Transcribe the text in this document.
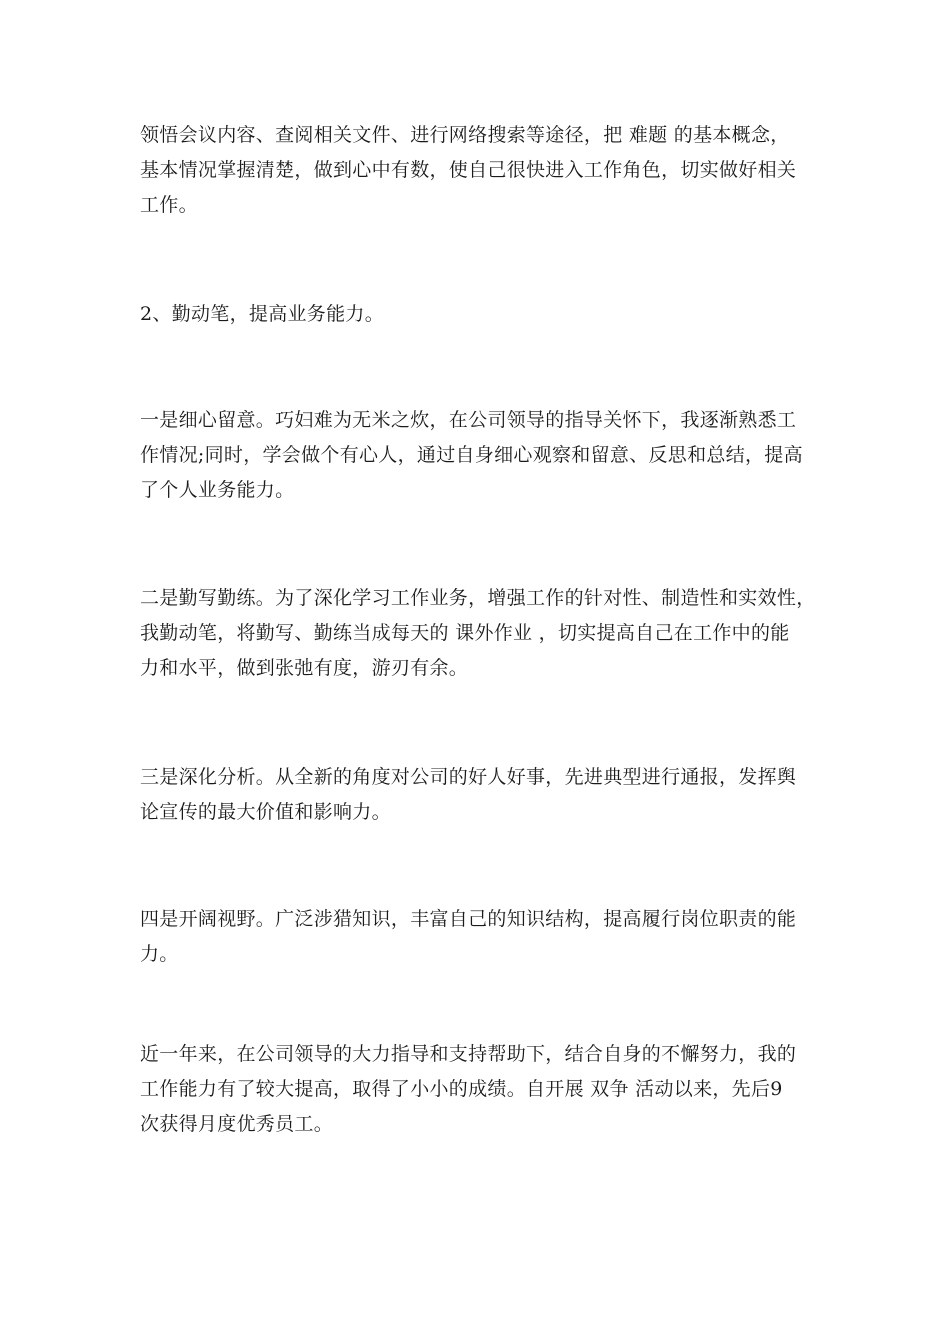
领悟会议内容、查阅相关文件、进行网络搜索等途径，把 难题 的基本概念，
基本情况掌握清楚，做到心中有数，使自己很快进入工作角色，切实做好相关
工作。

2、勤动笔，提高业务能力。

一是细心留意。巧妇难为无米之炊，在公司领导的指导关怀下，我逐渐熟悉工
作情况;同时，学会做个有心人，通过自身细心观察和留意、反思和总结，提高
了个人业务能力。

二是勤写勤练。为了深化学习工作业务，增强工作的针对性、制造性和实效性，
我勤动笔，将勤写、勤练当成每天的 课外作业 ，切实提高自己在工作中的能
力和水平，做到张弛有度，游刃有余。

三是深化分析。从全新的角度对公司的好人好事，先进典型进行通报，发挥舆
论宣传的最大价值和影响力。

四是开阔视野。广泛涉猎知识，丰富自己的知识结构，提高履行岗位职责的能
力。

近一年来，在公司领导的大力指导和支持帮助下，结合自身的不懈努力，我的
工作能力有了较大提高，取得了小小的成绩。自开展 双争 活动以来，先后9
次获得月度优秀员工。
